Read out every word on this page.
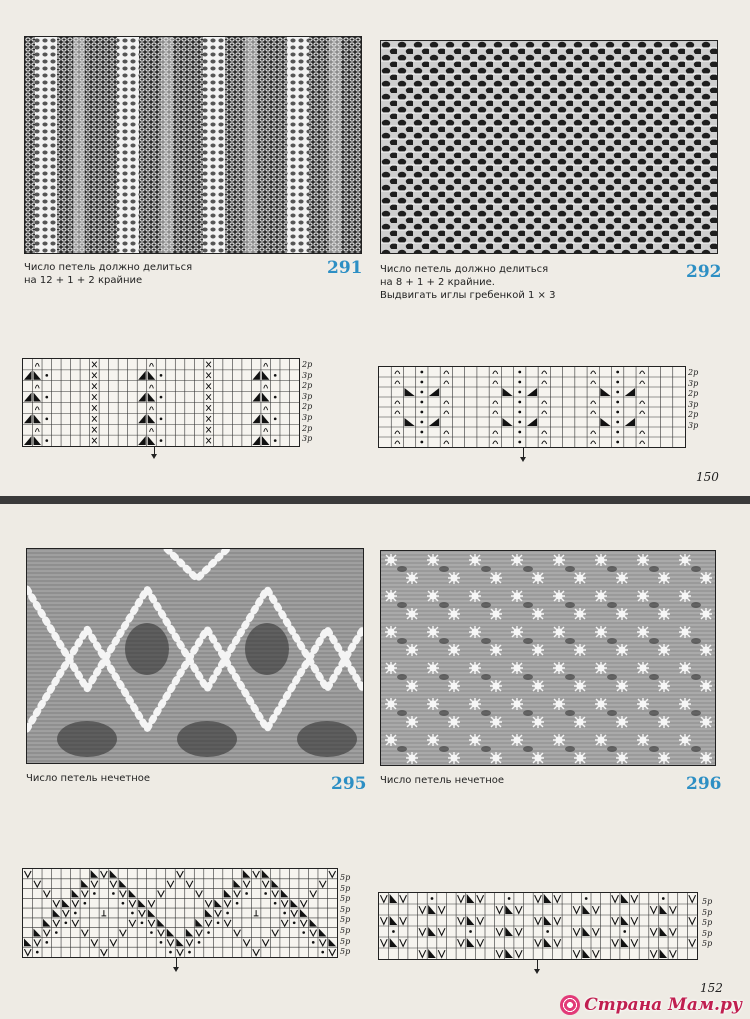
Число петель должно делиться
на 12 + 1 + 2 крайние
291 Число петель должно делиться
на 8 + 1 + 2 крайние.
Выдвигать иглы гребенкой 1 × 3
292
2р
3р
2р
3р
2р
3р
2р
3р
2р
3р
2р
3р
2р
3р
150
Число петель нечетное	295 Число петель нечетное	296
5р
5р
5р
5р
5р
5р
5р
5р
5р
5р
5р
5р
5р
152
Страна Мам.ру
